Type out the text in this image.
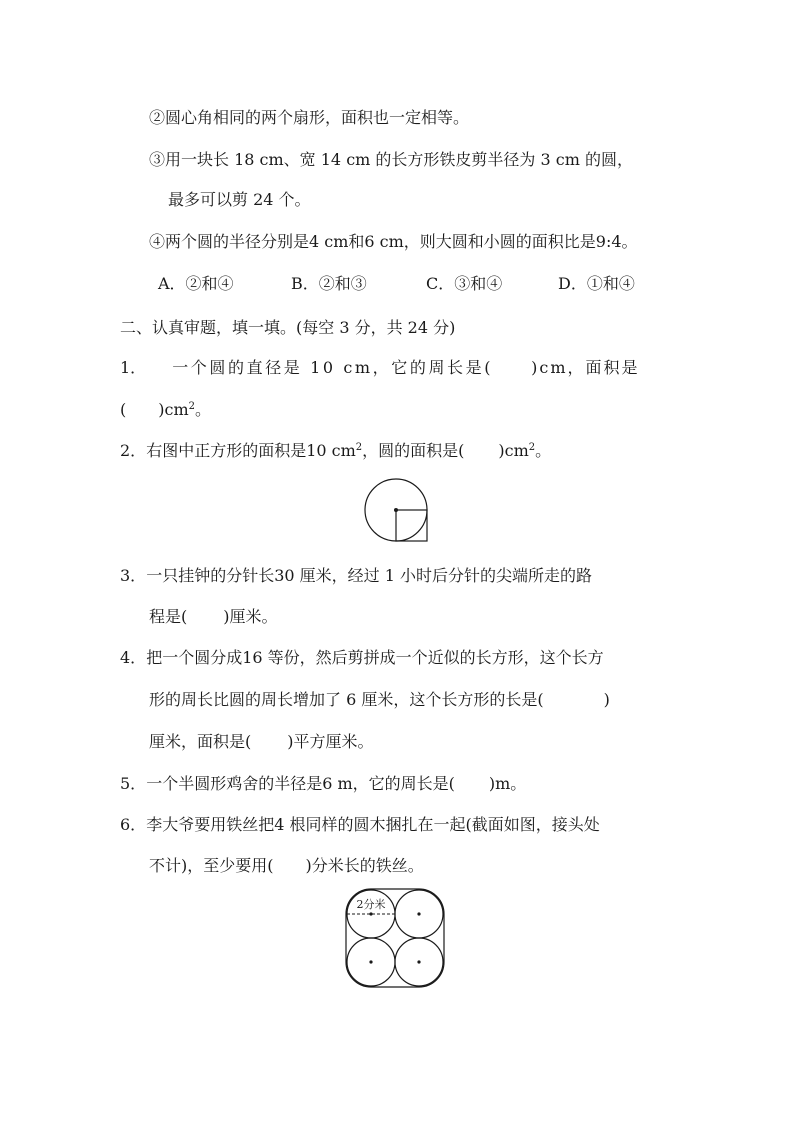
②圆心角相同的两个扇形，面积也一定相等。
③用一块长 18 cm、宽 14 cm 的长方形铁皮剪半径为 3 cm 的圆，
最多可以剪 24 个。
④两个圆的半径分别是4 cm和6 cm，则大圆和小圆的面积比是9:4。
A．②和④	B．②和③	C．③和④	D．①和④
二、认真审题，填一填。(每空 3 分，共 24 分)
1． 一个圆的直径是 10 cm，它的周长是( )cm，面积是
( )$cm^2$。
2．右图中正方形的面积是10 $cm^2$，圆的面积是( )$cm^2$。
3．一只挂钟的分针长30 厘米，经过 1 小时后分针的尖端所走的路
程是( )厘米。
4．把一个圆分成16 等份，然后剪拼成一个近似的长方形，这个长方
形的周长比圆的周长增加了 6 厘米，这个长方形的长是(	)
厘米，面积是( )平方厘米。
5．一个半圆形鸡舍的半径是6 m，它的周长是( )m。
6．李大爷要用铁丝把4 根同样的圆木捆扎在一起(截面如图，接头处
不计)，至少要用( )分米长的铁丝。
2分米
